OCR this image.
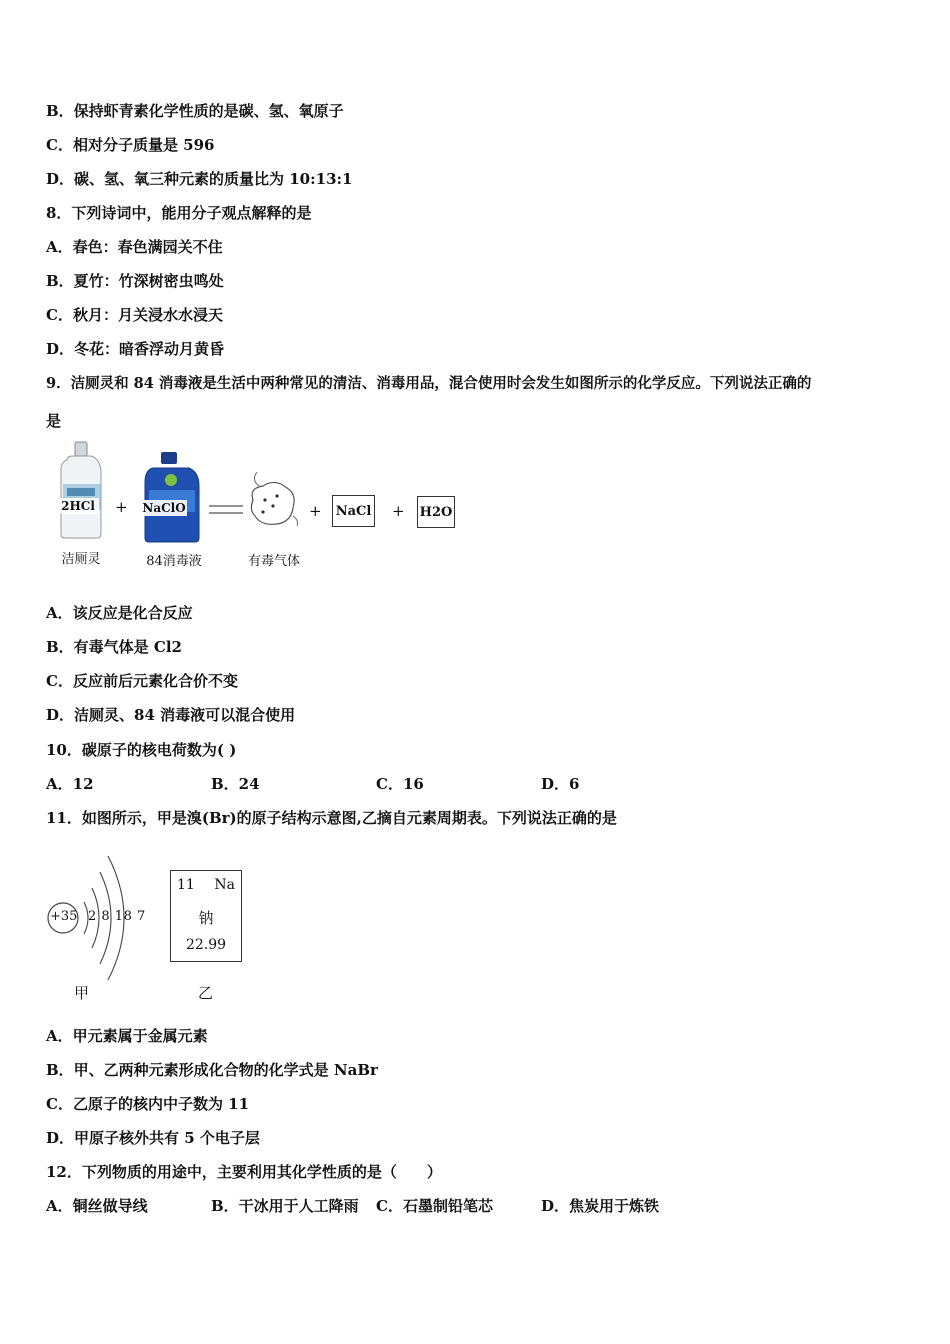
B．保持虾青素化学性质的是碳、氢、氧原子
C．相对分子质量是 596
D．碳、氢、氧三种元素的质量比为 10:13:1
8．下列诗词中，能用分子观点解释的是
A．春色：春色满园关不住
B．夏竹：竹深树密虫鸣处
C．秋月：月关浸水水浸天
D．冬花：暗香浮动月黄昏
9．洁厕灵和 84 消毒液是生活中两种常见的清洁、消毒用品，混合使用时会发生如图所示的化学反应。下列说法正确的
是
2HCl
洁厕灵
+ NaClO
84消毒液	有毒气体
+ NaCl + H2O
A．该反应是化合反应
B．有毒气体是 Cl2
C．反应前后元素化合价不变
D．洁厕灵、84 消毒液可以混合使用
10．碳原子的核电荷数为( )
A．12	B．24	C．16	D．6
11．如图所示，甲是溴(Br)的原子结构示意图,乙摘自元素周期表。下列说法正确的是
+35 2 8 18 7
甲
11 Na
钠
22.99
乙
A．甲元素属于金属元素
B．甲、乙两种元素形成化合物的化学式是 NaBr
C．乙原子的核内中子数为 11
D．甲原子核外共有 5 个电子层
12．下列物质的用途中，主要利用其化学性质的是（　　）
A．铜丝做导线	B．干冰用于人工降雨 C．石墨制铅笔芯	D．焦炭用于炼铁
